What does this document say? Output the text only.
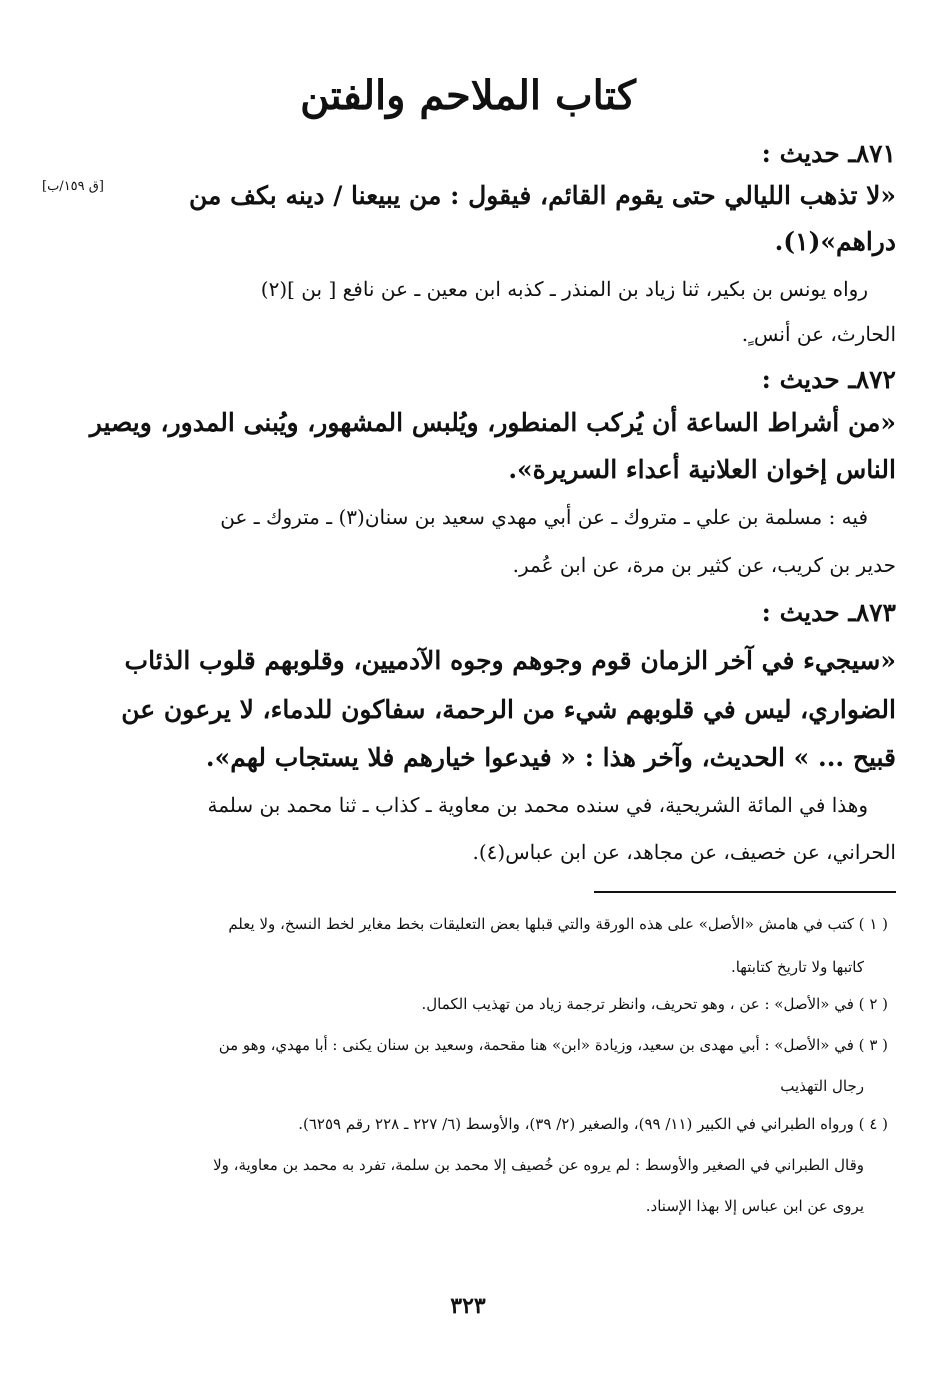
كتاب الملاحم والفتن
٨٧١ـ حديث :
«لا تذهب الليالي حتى يقوم القائم، فيقول : من يبيعنا / دينه بكف من
[ق ١٥٩/ب]
دراهم»(١).
رواه يونس بن بكير، ثنا زياد بن المنذر ـ كذبه ابن معين ـ عن نافع [ بن ](٢)
الحارث، عن أنس ٍ.
٨٧٢ـ حديث :
«من أشراط الساعة أن يُركب المنطور، ويُلبس المشهور، ويُبنى المدور، ويصير
الناس إخوان العلانية أعداء السريرة».
فيه : مسلمة بن علي ـ متروك ـ عن أبي مهدي سعيد بن سنان(٣) ـ متروك ـ عن
حدير بن كريب، عن كثير بن مرة، عن ابن عُمر.
٨٧٣ـ حديث :
«سيجيء في آخر الزمان قوم وجوهم وجوه الآدميين، وقلوبهم قلوب الذئاب
الضواري، ليس في قلوبهم شيء من الرحمة، سفاكون للدماء، لا يرعون عن
قبيح ... » الحديث، وآخر هذا : « فيدعوا خيارهم فلا يستجاب لهم».
وهذا في المائة الشريحية، في سنده محمد بن معاوية ـ كذاب ـ ثنا محمد بن سلمة
الحراني، عن خصيف، عن مجاهد، عن ابن عباس(٤).
( ١ ) كتب في هامش «الأصل» على هذه الورقة والتي قبلها بعض التعليقات بخط مغاير لخط النسخ، ولا يعلم
كاتبها ولا تاريخ كتابتها.
( ٢ ) في «الأصل» : عن ، وهو تحريف، وانظر ترجمة زياد من تهذيب الكمال.
( ٣ ) في «الأصل» : أبي مهدى بن سعيد، وزيادة «ابن» هنا مقحمة، وسعيد بن سنان يكنى : أبا مهدي، وهو من
رجال التهذيب
( ٤ ) ورواه الطبراني في الكبير (١١/ ٩٩)، والصغير (٢/ ٣٩)، والأوسط (٦/ ٢٢٧ ـ ٢٢٨ رقم ٦٢٥٩).
وقال الطبراني في الصغير والأوسط : لم يروه عن خُصيف إلا محمد بن سلمة، تفرد به محمد بن معاوية، ولا
يروى عن ابن عباس إلا بهذا الإسناد.
٣٢٣
